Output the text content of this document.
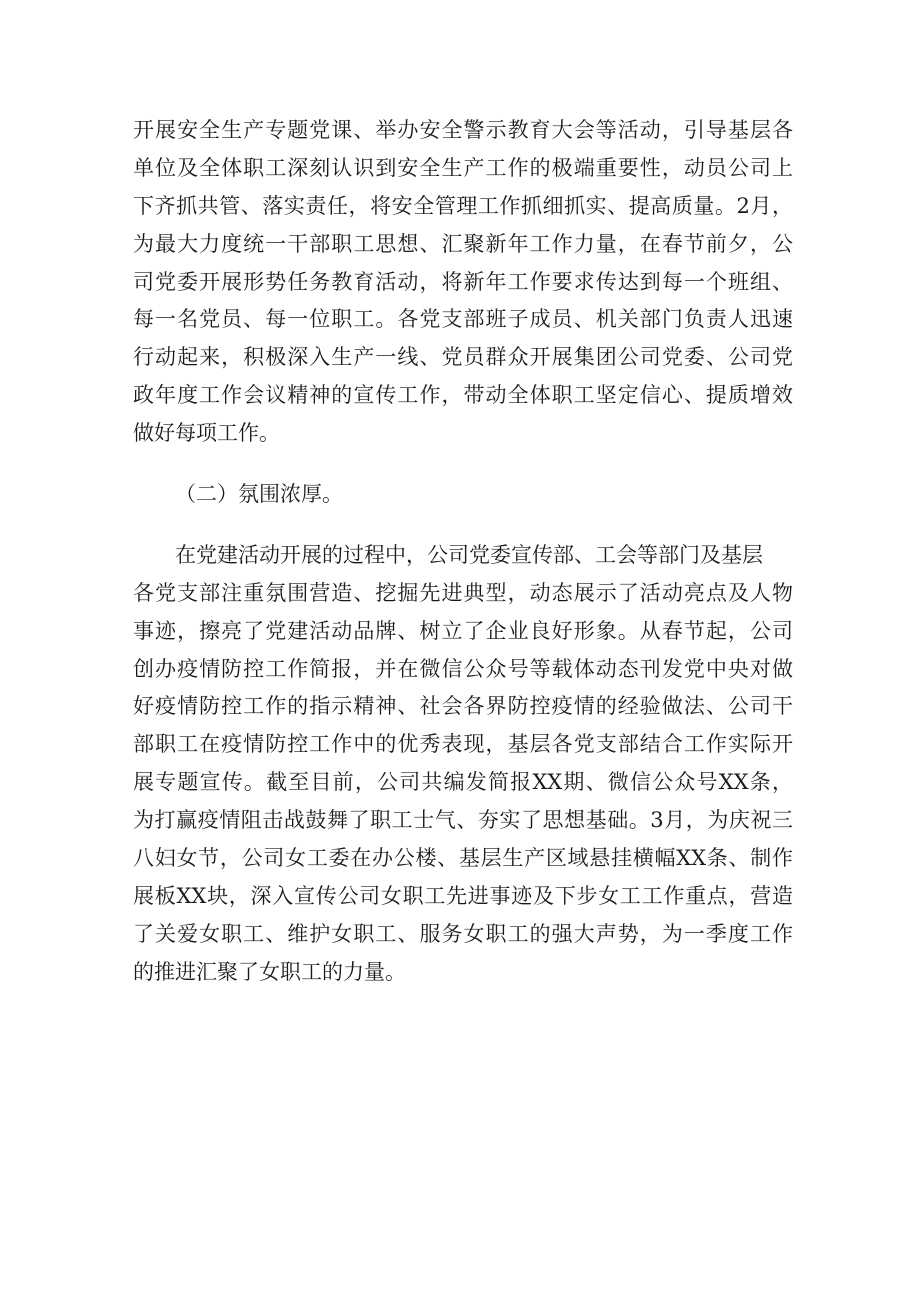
开展安全生产专题党课、举办安全警示教育大会等活动，引导基层各
单位及全体职工深刻认识到安全生产工作的极端重要性，动员公司上
下齐抓共管、落实责任，将安全管理工作抓细抓实、提高质量。2月，
为最大力度统一干部职工思想、汇聚新年工作力量，在春节前夕，公
司党委开展形势任务教育活动，将新年工作要求传达到每一个班组、
每一名党员、每一位职工。各党支部班子成员、机关部门负责人迅速
行动起来，积极深入生产一线、党员群众开展集团公司党委、公司党
政年度工作会议精神的宣传工作，带动全体职工坚定信心、提质增效
做好每项工作。
（二）氛围浓厚。
在党建活动开展的过程中，公司党委宣传部、工会等部门及基层
各党支部注重氛围营造、挖掘先进典型，动态展示了活动亮点及人物
事迹，擦亮了党建活动品牌、树立了企业良好形象。从春节起，公司
创办疫情防控工作简报，并在微信公众号等载体动态刊发党中央对做
好疫情防控工作的指示精神、社会各界防控疫情的经验做法、公司干
部职工在疫情防控工作中的优秀表现，基层各党支部结合工作实际开
展专题宣传。截至目前，公司共编发简报XX期、微信公众号XX条，
为打赢疫情阻击战鼓舞了职工士气、夯实了思想基础。3月，为庆祝三
八妇女节，公司女工委在办公楼、基层生产区域悬挂横幅XX条、制作
展板XX块，深入宣传公司女职工先进事迹及下步女工工作重点，营造
了关爱女职工、维护女职工、服务女职工的强大声势，为一季度工作
的推进汇聚了女职工的力量。
